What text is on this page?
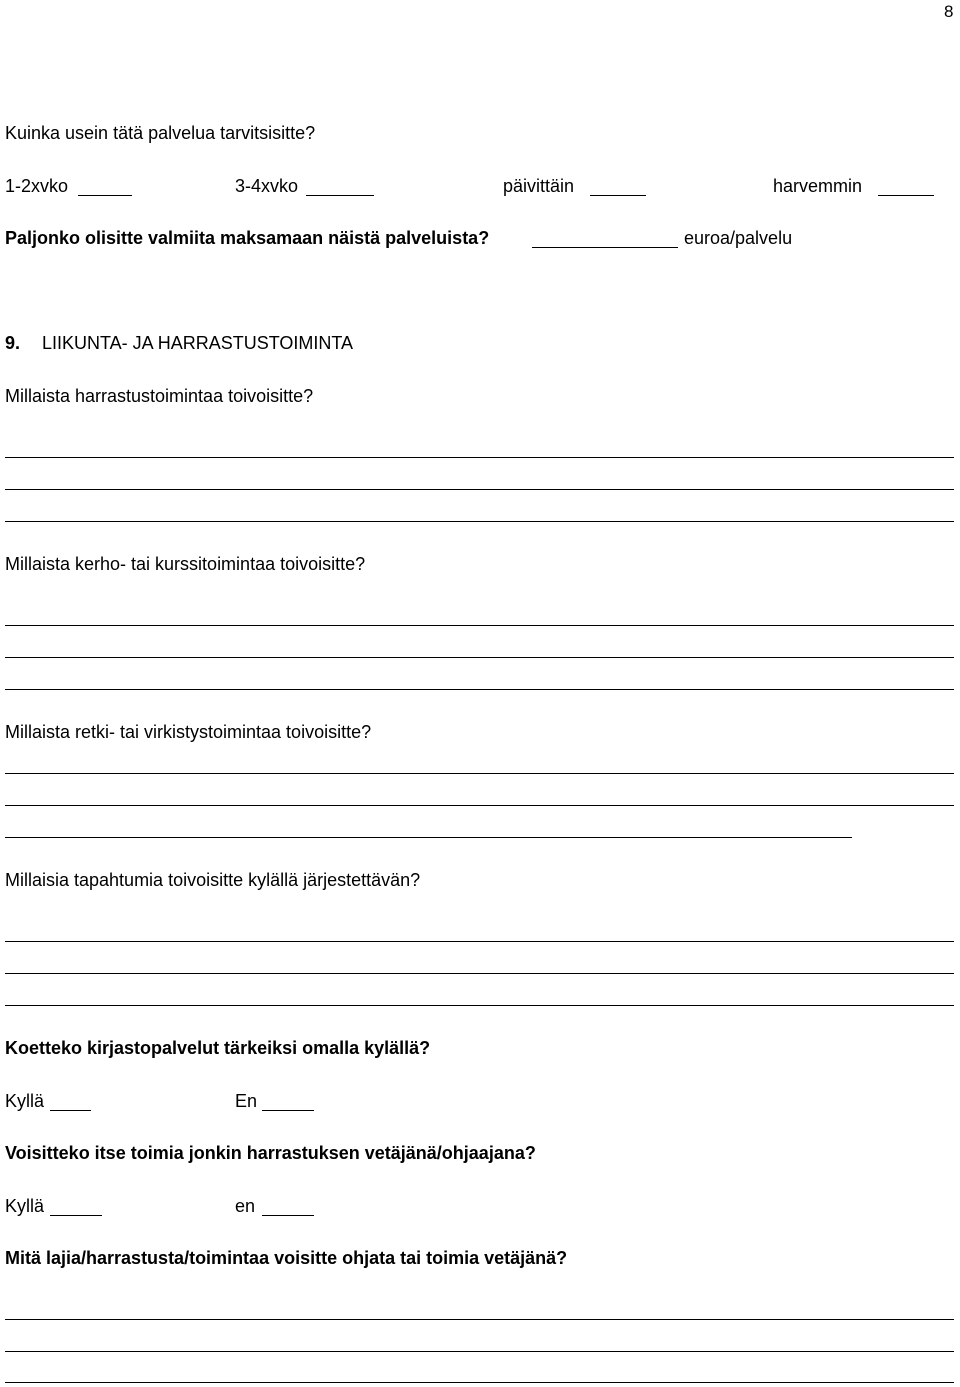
8
Kuinka usein tätä palvelua tarvitsisitte?
1-2xvko	3-4xvko	päivittäin	harvemmin
Paljonko olisitte valmiita maksamaan näistä palveluista?	euroa/palvelu
9. LIIKUNTA- JA HARRASTUSTOIMINTA
Millaista harrastustoimintaa toivoisitte?
Millaista kerho- tai kurssitoimintaa toivoisitte?
Millaista retki- tai virkistystoimintaa toivoisitte?
Millaisia tapahtumia toivoisitte kylällä järjestettävän?
Koetteko kirjastopalvelut tärkeiksi omalla kylällä?
Kyllä	En
Voisitteko itse toimia jonkin harrastuksen vetäjänä/ohjaajana?
Kyllä	en
Mitä lajia/harrastusta/toimintaa voisitte ohjata tai toimia vetäjänä?
